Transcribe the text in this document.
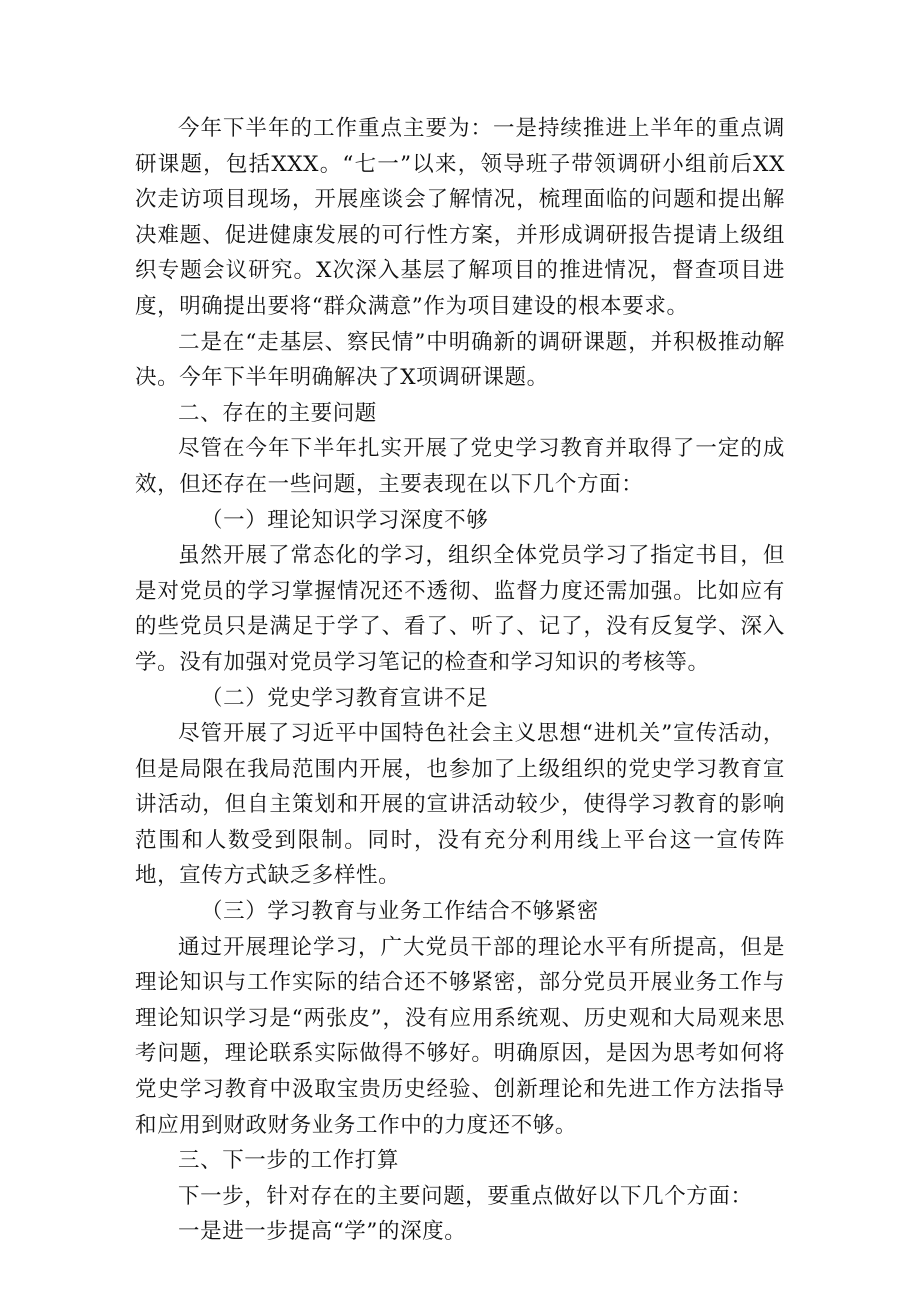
今年下半年的工作重点主要为：一是持续推进上半年的重点调研课题，包括XXX。“七一”以来，领导班子带领调研小组前后XX次走访项目现场，开展座谈会了解情况，梳理面临的问题和提出解决难题、促进健康发展的可行性方案，并形成调研报告提请上级组织专题会议研究。X次深入基层了解项目的推进情况，督查项目进度，明确提出要将“群众满意”作为项目建设的根本要求。

二是在“走基层、察民情”中明确新的调研课题，并积极推动解决。今年下半年明确解决了X项调研课题。

二、存在的主要问题

尽管在今年下半年扎实开展了党史学习教育并取得了一定的成效，但还存在一些问题，主要表现在以下几个方面：

（一）理论知识学习深度不够

虽然开展了常态化的学习，组织全体党员学习了指定书目，但是对党员的学习掌握情况还不透彻、监督力度还需加强。比如应有的些党员只是满足于学了、看了、听了、记了，没有反复学、深入学。没有加强对党员学习笔记的检查和学习知识的考核等。

（二）党史学习教育宣讲不足

尽管开展了习近平中国特色社会主义思想“进机关”宣传活动，但是局限在我局范围内开展，也参加了上级组织的党史学习教育宣讲活动，但自主策划和开展的宣讲活动较少，使得学习教育的影响范围和人数受到限制。同时，没有充分利用线上平台这一宣传阵地，宣传方式缺乏多样性。

（三）学习教育与业务工作结合不够紧密

通过开展理论学习，广大党员干部的理论水平有所提高，但是理论知识与工作实际的结合还不够紧密，部分党员开展业务工作与理论知识学习是“两张皮”，没有应用系统观、历史观和大局观来思考问题，理论联系实际做得不够好。明确原因，是因为思考如何将党史学习教育中汲取宝贵历史经验、创新理论和先进工作方法指导和应用到财政财务业务工作中的力度还不够。

三、下一步的工作打算

下一步，针对存在的主要问题，要重点做好以下几个方面：

一是进一步提高“学”的深度。
